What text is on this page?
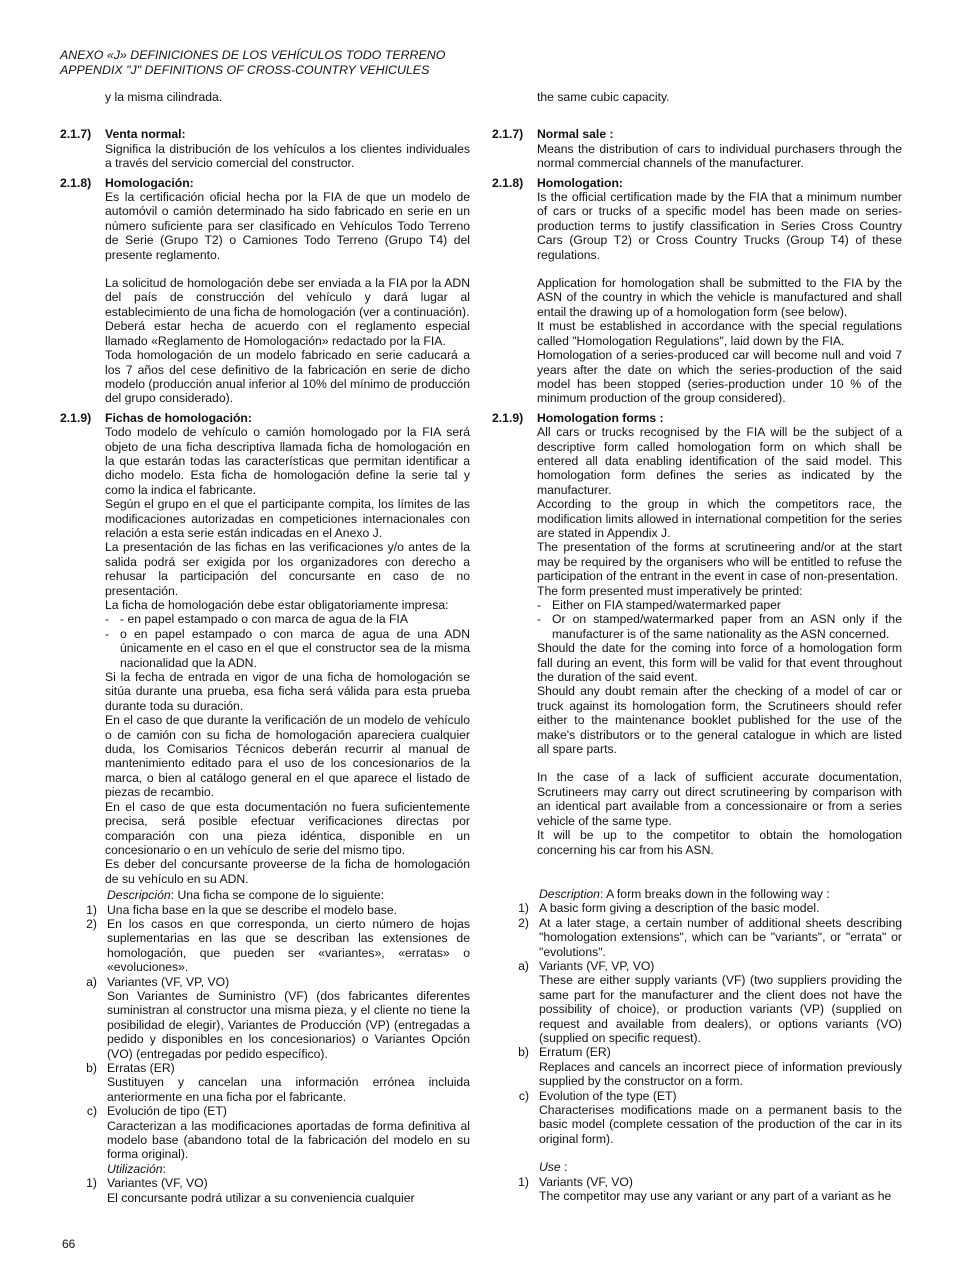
ANEXO «J» DEFINICIONES DE LOS VEHÍCULOS TODO TERRENO
APPENDIX "J" DEFINITIONS OF CROSS-COUNTRY VEHICULES
y la misma cilindrada.
2.1.7) Venta normal:
Significa la distribución de los vehículos a los clientes individuales a través del servicio comercial del constructor.
2.1.8) Homologación:
Es la certificación oficial hecha por la FIA de que un modelo de automóvil o camión determinado ha sido fabricado en serie en un número suficiente para ser clasificado en Vehículos Todo Terreno de Serie (Grupo T2) o Camiones Todo Terreno (Grupo T4) del presente reglamento.
La solicitud de homologación debe ser enviada a la FIA por la ADN del país de construcción del vehículo y dará lugar al establecimiento de una ficha de homologación (ver a continuación).
Deberá estar hecha de acuerdo con el reglamento especial llamado «Reglamento de Homologación» redactado por la FIA.
Toda homologación de un modelo fabricado en serie caducará a los 7 años del cese definitivo de la fabricación en serie de dicho modelo (producción anual inferior al 10% del mínimo de producción del grupo considerado).
2.1.9) Fichas de homologación:
Todo modelo de vehículo o camión homologado por la FIA será objeto de una ficha descriptiva llamada ficha de homologación en la que estarán todas las características que permitan identificar a dicho modelo. Esta ficha de homologación define la serie tal y como la indica el fabricante.
Según el grupo en el que el participante compita, los límites de las modificaciones autorizadas en competiciones internacionales con relación a esta serie están indicadas en el Anexo J.
La presentación de las fichas en las verificaciones y/o antes de la salida podrá ser exigida por los organizadores con derecho a rehusar la participación del concursante en caso de no presentación.
La ficha de homologación debe estar obligatoriamente impresa:
- - en papel estampado o con marca de agua de la FIA
- o en papel estampado o con marca de agua de una ADN únicamente en el caso en el que el constructor sea de la misma nacionalidad que la ADN.
Si la fecha de entrada en vigor de una ficha de homologación se sitúa durante una prueba, esa ficha será válida para esta prueba durante toda su duración.
En el caso de que durante la verificación de un modelo de vehículo o de camión con su ficha de homologación apareciera cualquier duda, los Comisarios Técnicos deberán recurrir al manual de mantenimiento editado para el uso de los concesionarios de la marca, o bien al catálogo general en el que aparece el listado de piezas de recambio.
En el caso de que esta documentación no fuera suficientemente precisa, será posible efectuar verificaciones directas por comparación con una pieza idéntica, disponible en un concesionario o en un vehículo de serie del mismo tipo.
Es deber del concursante proveerse de la ficha de homologación de su vehículo en su ADN.
Descripción: Una ficha se compone de lo siguiente:
1) Una ficha base en la que se describe el modelo base.
2) En los casos en que corresponda, un cierto número de hojas suplementarias en las que se describan las extensiones de homologación, que pueden ser «variantes», «erratas» o «evoluciones».
a) Variantes (VF, VP, VO)
Son Variantes de Suministro (VF) (dos fabricantes diferentes suministran al constructor una misma pieza, y el cliente no tiene la posibilidad de elegir), Variantes de Producción (VP) (entregadas a pedido y disponibles en los concesionarios) o Variantes Opción (VO) (entregadas por pedido específico).
b) Erratas (ER)
Sustituyen y cancelan una información errónea incluida anteriormente en una ficha por el fabricante.
c) Evolución de tipo (ET)
Caracterizan a las modificaciones aportadas de forma definitiva al modelo base (abandono total de la fabricación del modelo en su forma original).
Utilización:
1) Variantes (VF, VO)
El concursante podrá utilizar a su conveniencia cualquier
the same cubic capacity.
2.1.7) Normal sale :
Means the distribution of cars to individual purchasers through the normal commercial channels of the manufacturer.
2.1.8) Homologation:
Is the official certification made by the FIA that a minimum number of cars or trucks of a specific model has been made on series-production terms to justify classification in Series Cross Country Cars (Group T2) or Cross Country Trucks (Group T4) of these regulations.
Application for homologation shall be submitted to the FIA by the ASN of the country in which the vehicle is manufactured and shall entail the drawing up of a homologation form (see below).
It must be established in accordance with the special regulations called "Homologation Regulations", laid down by the FIA.
Homologation of a series-produced car will become null and void 7 years after the date on which the series-production of the said model has been stopped (series-production under 10 % of the minimum production of the group considered).
2.1.9) Homologation forms :
All cars or trucks recognised by the FIA will be the subject of a descriptive form called homologation form on which shall be entered all data enabling identification of the said model. This homologation form defines the series as indicated by the manufacturer.
According to the group in which the competitors race, the modification limits allowed in international competition for the series are stated in Appendix J.
The presentation of the forms at scrutineering and/or at the start may be required by the organisers who will be entitled to refuse the participation of the entrant in the event in case of non-presentation.
The form presented must imperatively be printed:
- Either on FIA stamped/watermarked paper
- Or on stamped/watermarked paper from an ASN only if the manufacturer is of the same nationality as the ASN concerned.
Should the date for the coming into force of a homologation form fall during an event, this form will be valid for that event throughout the duration of the said event.
Should any doubt remain after the checking of a model of car or truck against its homologation form, the Scrutineers should refer either to the maintenance booklet published for the use of the make's distributors or to the general catalogue in which are listed all spare parts.
In the case of a lack of sufficient accurate documentation, Scrutineers may carry out direct scrutineering by comparison with an identical part available from a concessionaire or from a series vehicle of the same type.
It will be up to the competitor to obtain the homologation concerning his car from his ASN.
Description: A form breaks down in the following way :
1) A basic form giving a description of the basic model.
2) At a later stage, a certain number of additional sheets describing "homologation extensions", which can be "variants", or "errata" or "evolutions".
a) Variants (VF, VP, VO)
These are either supply variants (VF) (two suppliers providing the same part for the manufacturer and the client does not have the possibility of choice), or production variants (VP) (supplied on request and available from dealers), or options variants (VO) (supplied on specific request).
b) Erratum (ER)
Replaces and cancels an incorrect piece of information previously supplied by the constructor on a form.
c) Evolution of the type (ET)
Characterises modifications made on a permanent basis to the basic model (complete cessation of the production of the car in its original form).
Use :
1) Variants (VF, VO)
The competitor may use any variant or any part of a variant as he
66
